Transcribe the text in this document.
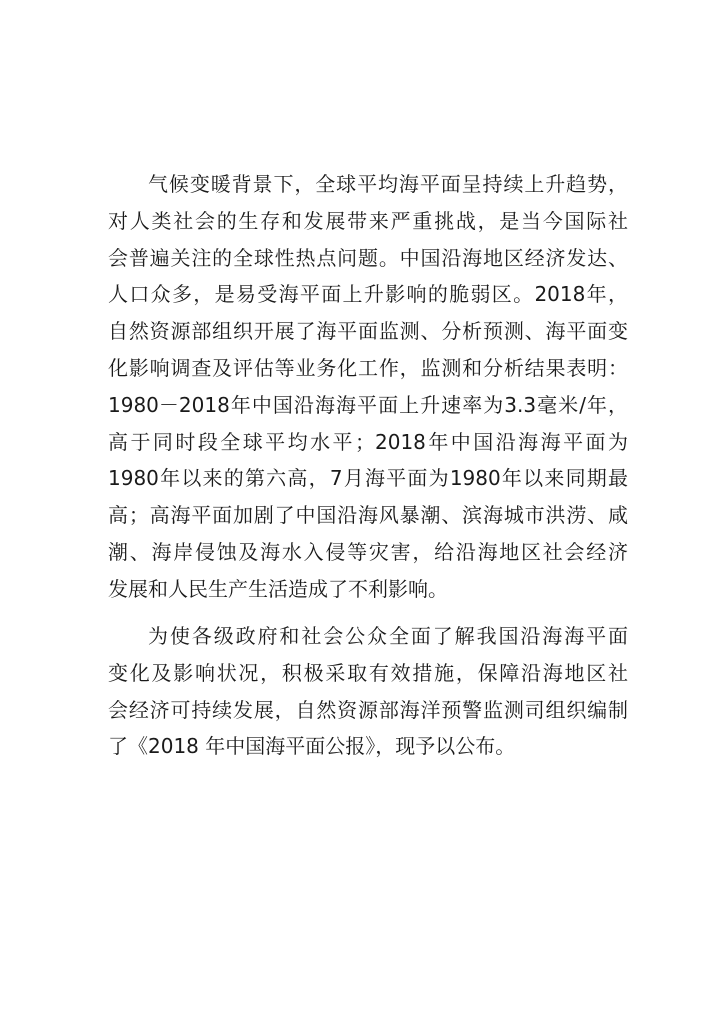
气候变暖背景下，全球平均海平面呈持续上升趋势，
对人类社会的生存和发展带来严重挑战，是当今国际社
会普遍关注的全球性热点问题。中国沿海地区经济发达、
人口众多，是易受海平面上升影响的脆弱区。2018年，
自然资源部组织开展了海平面监测、分析预测、海平面变
化影响调查及评估等业务化工作，监测和分析结果表明：
1980－2018年中国沿海海平面上升速率为3.3毫米/年，
高于同时段全球平均水平；2018年中国沿海海平面为
1980年以来的第六高，7月海平面为1980年以来同期最
高；高海平面加剧了中国沿海风暴潮、滨海城市洪涝、咸
潮、海岸侵蚀及海水入侵等灾害，给沿海地区社会经济
发展和人民生产生活造成了不利影响。
为使各级政府和社会公众全面了解我国沿海海平面
变化及影响状况，积极采取有效措施，保障沿海地区社
会经济可持续发展，自然资源部海洋预警监测司组织编制
了《2018 年中国海平面公报》，现予以公布。
